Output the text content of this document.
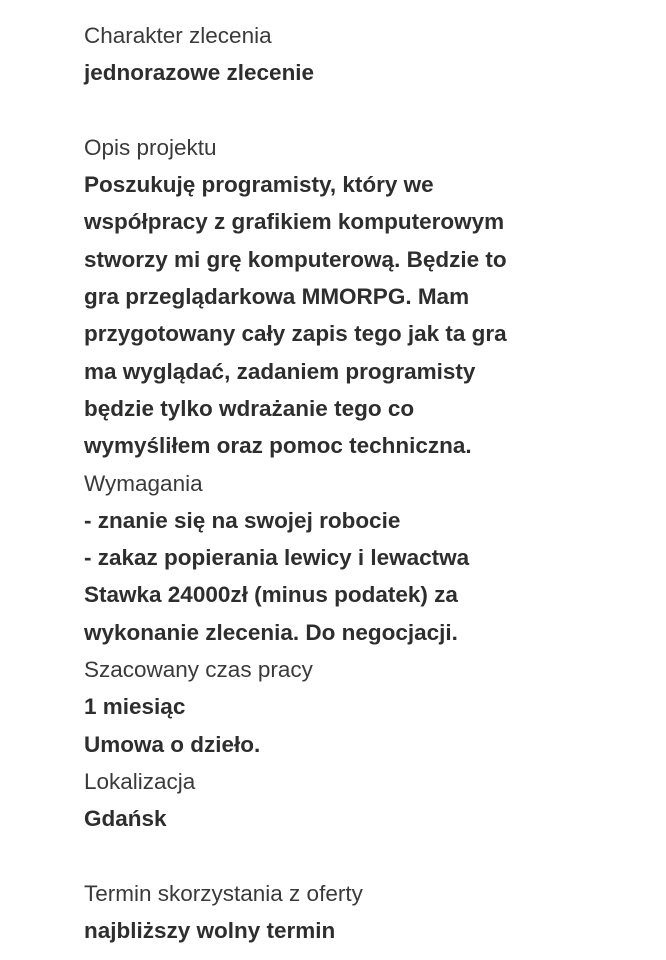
Charakter zlecenia
jednorazowe zlecenie
Opis projektu
Poszukuję programisty, który we
współpracy z grafikiem komputerowym
stworzy mi grę komputerową. Będzie to
gra przeglądarkowa MMORPG. Mam
przygotowany cały zapis tego jak ta gra
ma wyglądać, zadaniem programisty
będzie tylko wdrażanie tego co
wymyśliłem oraz pomoc techniczna.
Wymagania
- znanie się na swojej robocie
- zakaz popierania lewicy i lewactwa
Stawka 24000zł (minus podatek) za
wykonanie zlecenia. Do negocjacji.
Szacowany czas pracy
1 miesiąc
Umowa o dzieło.
Lokalizacja
Gdańsk
Termin skorzystania z oferty
najbliższy wolny termin
